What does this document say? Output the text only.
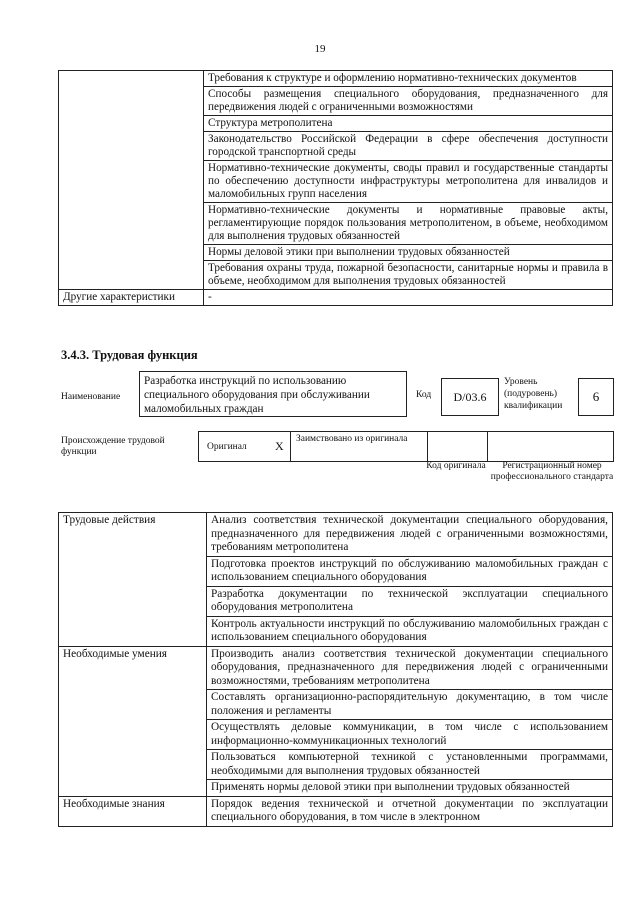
19
	Требования к структуре и оформлению нормативно-технических документов
	Способы размещения специального оборудования, предназначенного для передвижения людей с ограниченными возможностями
	Структура метрополитена
	Законодательство Российской Федерации в сфере обеспечения доступности городской транспортной среды
	Нормативно-технические документы, своды правил и государственные стандарты по обеспечению доступности инфраструктуры метрополитена для инвалидов и маломобильных групп населения
	Нормативно-технические документы и нормативные правовые акты, регламентирующие порядок пользования метрополитеном, в объеме, необходимом для выполнения трудовых обязанностей
	Нормы деловой этики при выполнении трудовых обязанностей
	Требования охраны труда, пожарной безопасности, санитарные нормы и правила в объеме, необходимом для выполнения трудовых обязанностей
Другие характеристики	-
3.4.3. Трудовая функция
Наименование
Разработка инструкций по использованию специального оборудования при обслуживании маломобильных граждан
Код	D/03.6
Уровень (подуровень) квалификации
6
Происхождение трудовой функции	Оригинал X Заимствовано из оригинала
Код оригинала	Регистрационный номер профессионального стандарта
Трудовые действия	Анализ соответствия технической документации специального оборудования, предназначенного для передвижения людей с ограниченными возможностями, требованиям метрополитена
	Подготовка проектов инструкций по обслуживанию маломобильных граждан с использованием специального оборудования
	Разработка документации по технической эксплуатации специального оборудования метрополитена
	Контроль актуальности инструкций по обслуживанию маломобильных граждан с использованием специального оборудования
Необходимые умения	Производить анализ соответствия технической документации специального оборудования, предназначенного для передвижения людей с ограниченными возможностями, требованиям метрополитена
	Составлять организационно-распорядительную документацию, в том числе положения и регламенты
	Осуществлять деловые коммуникации, в том числе с использованием информационно-коммуникационных технологий
	Пользоваться компьютерной техникой с установленными программами, необходимыми для выполнения трудовых обязанностей
	Применять нормы деловой этики при выполнении трудовых обязанностей
Необходимые знания	Порядок ведения технической и отчетной документации по эксплуатации специального оборудования, в том числе в электронном
